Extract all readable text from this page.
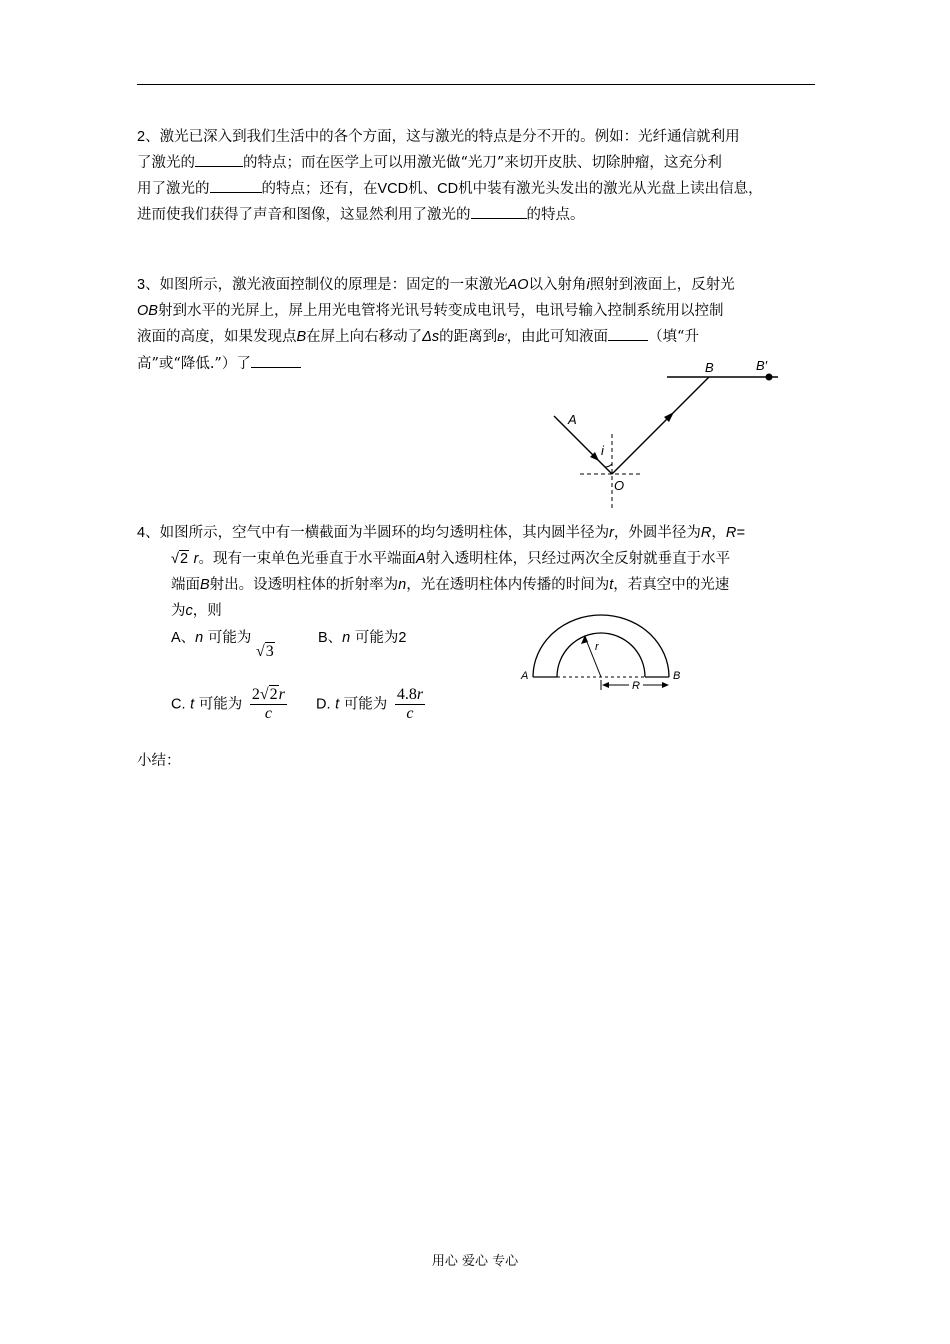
2、激光已深入到我们生活中的各个方面，这与激光的特点是分不开的。例如：光纤通信就利用
了激光的	的特点；而在医学上可以用激光做“光刀”来切开皮肤、切除肿瘤，这充分利
用了激光的	的特点；还有，在VCD机、CD机中装有激光头发出的激光从光盘上读出信息，
进而使我们获得了声音和图像，这显然利用了激光的	的特点。
3、如图所示，激光液面控制仪的原理是：固定的一束激光AO以入射角i照射到液面上，反射光
OB射到水平的光屏上，屏上用光电管将光讯号转变成电讯号，电讯号输入控制系统用以控制
液面的高度，如果发现点B在屏上向右移动了Δs的距离到B′，由此可知液面	（填“升
高”或“降低.”）了	B	B′
A
i
O
4、如图所示，空气中有一横截面为半圆环的均匀透明柱体，其内圆半径为r，外圆半径为R，R=
√2 r。现有一束单色光垂直于水平端面A射入透明柱体，只经过两次全反射就垂直于水平
端面B射出。设透明柱体的折射率为n，光在透明柱体内传播的时间为t，若真空中的光速
为c，则
A、n 可能为 √3
B、n 可能为2
C. t 可能为 $\frac{2√2r}{c} D$. t 可能为 $\frac{4.8r}{c}$
r
R
A	B
小结：
用心 爱心 专心
